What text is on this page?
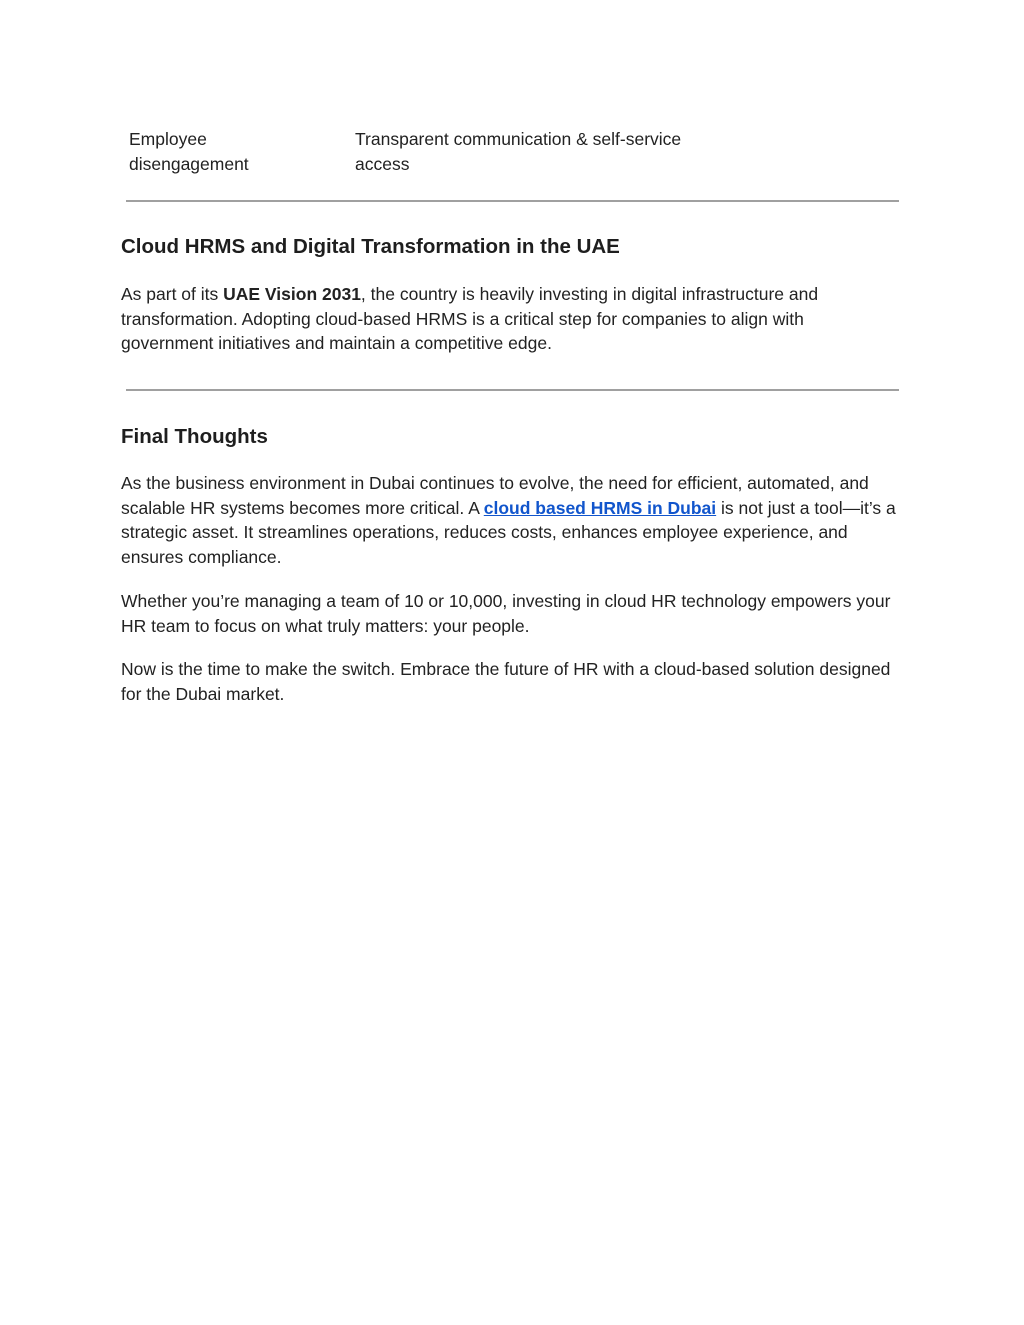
Employee
disengagement
Transparent communication & self-service
access
Cloud HRMS and Digital Transformation in the UAE

As part of its UAE Vision 2031, the country is heavily investing in digital infrastructure and transformation. Adopting cloud-based HRMS is a critical step for companies to align with government initiatives and maintain a competitive edge.

Final Thoughts

As the business environment in Dubai continues to evolve, the need for efficient, automated, and scalable HR systems becomes more critical. A cloud based HRMS in Dubai is not just a tool—it’s a strategic asset. It streamlines operations, reduces costs, enhances employee experience, and ensures compliance.

Whether you’re managing a team of 10 or 10,000, investing in cloud HR technology empowers your HR team to focus on what truly matters: your people.

Now is the time to make the switch. Embrace the future of HR with a cloud-based solution designed for the Dubai market.
